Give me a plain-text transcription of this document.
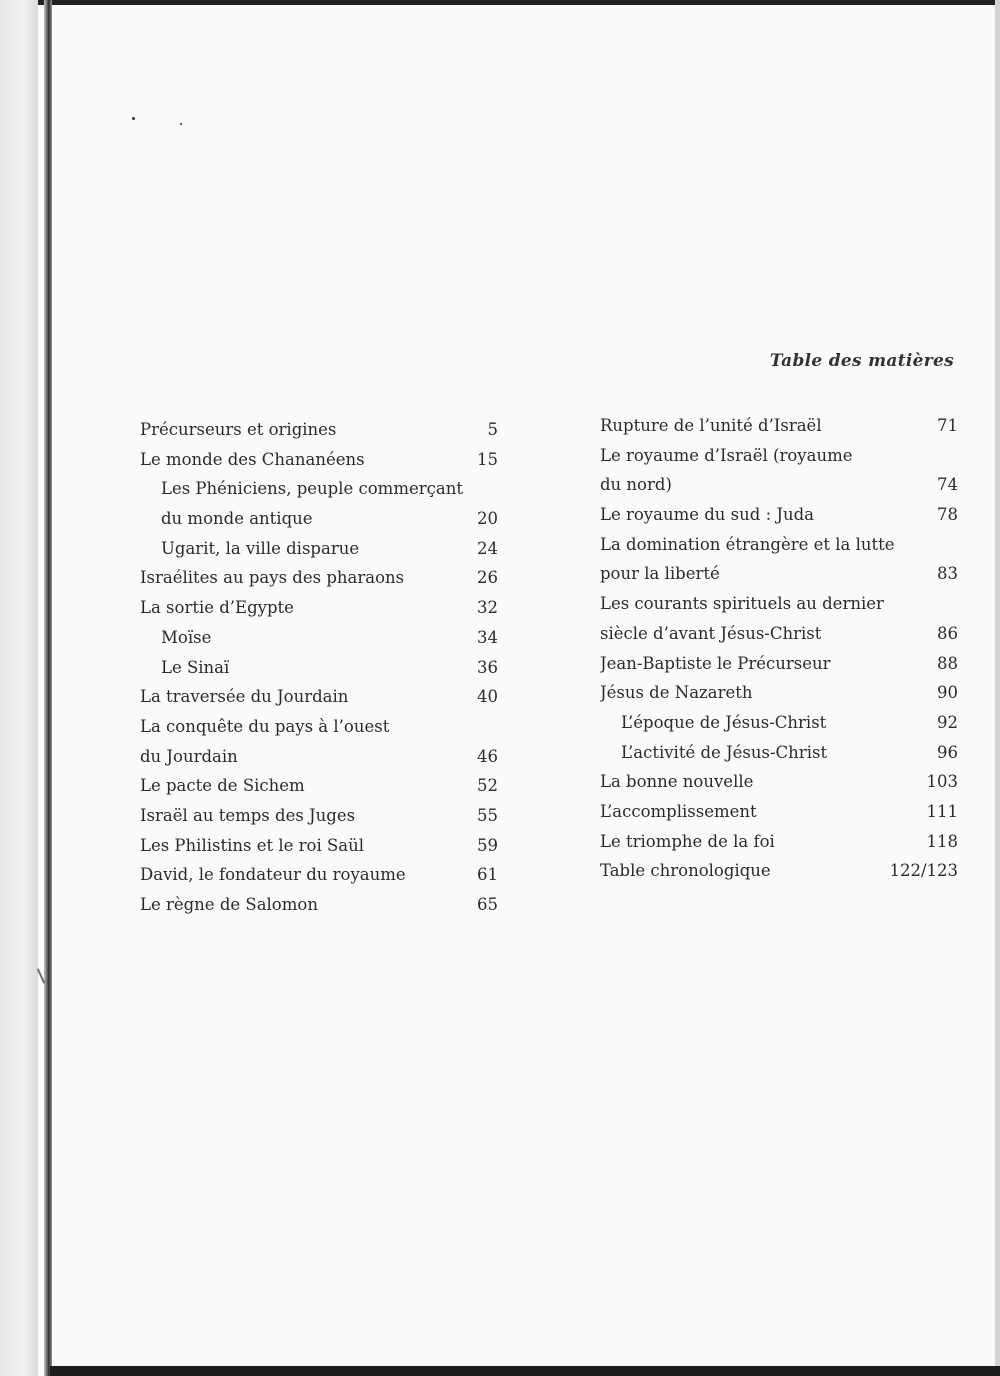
Table des matières
Précurseurs et origines	5
Le monde des Chananéens	15
Les Phéniciens, peuple commerçant
du monde antique	20
Ugarit, la ville disparue	24
Israélites au pays des pharaons	26
La sortie d’Egypte	32
Moïse	34
Le Sinaï	36
La traversée du Jourdain	40
La conquête du pays à l’ouest
du Jourdain	46
Le pacte de Sichem	52
Israël au temps des Juges	55
Les Philistins et le roi Saül	59
David, le fondateur du royaume	61
Le règne de Salomon	65
Rupture de l’unité d’Israël	71
Le royaume d’Israël (royaume
du nord)	74
Le royaume du sud : Juda	78
La domination étrangère et la lutte
pour la liberté	83
Les courants spirituels au dernier
siècle d’avant Jésus-Christ	86
Jean-Baptiste le Précurseur	88
Jésus de Nazareth	90
L’époque de Jésus-Christ	92
L’activité de Jésus-Christ	96
La bonne nouvelle	103
L’accomplissement	111
Le triomphe de la foi	118
Table chronologique	122/123
